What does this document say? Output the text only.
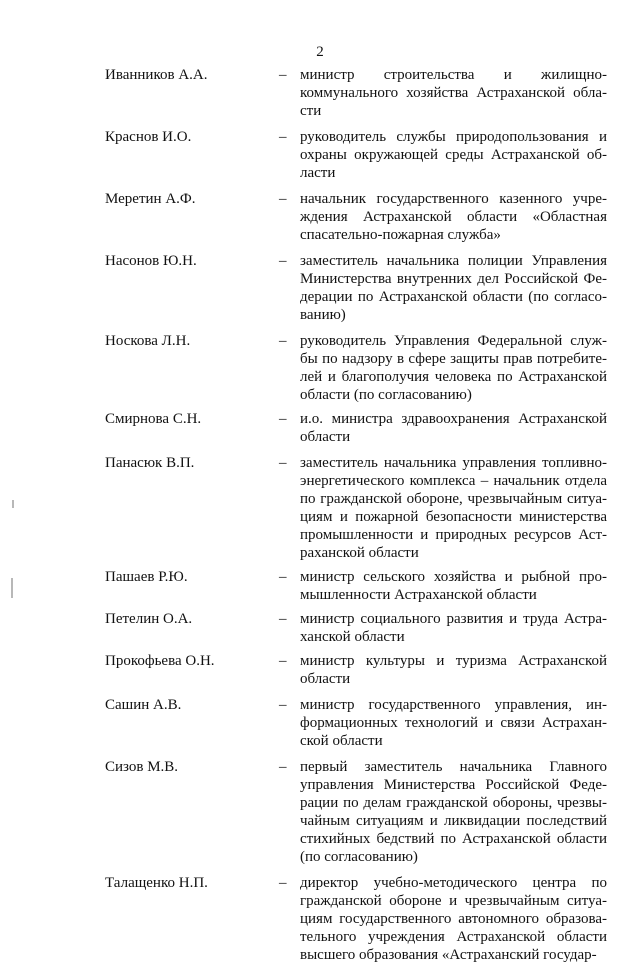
2
Иванников А.А.	– министр строительства и жилищно-
коммунального хозяйства Астраханской обла-
сти
Краснов И.О.	– руководитель службы природопользования и
охраны окружающей среды Астраханской об-
ласти
Меретин А.Ф.	– начальник государственного казенного учре-
ждения Астраханской области «Областная
спасательно-пожарная служба»
Насонов Ю.Н.	– заместитель начальника полиции Управления
Министерства внутренних дел Российской Фе-
дерации по Астраханской области (по согласо-
ванию)
Носкова Л.Н.	– руководитель Управления Федеральной служ-
бы по надзору в сфере защиты прав потребите-
лей и благополучия человека по Астраханской
области (по согласованию)
Смирнова С.Н.	– и.о. министра здравоохранения Астраханской
области
Панасюк В.П.	– заместитель начальника управления топливно-
энергетического комплекса – начальник отдела
по гражданской обороне, чрезвычайным ситуа-
циям и пожарной безопасности министерства
промышленности и природных ресурсов Аст-
раханской области
Пашаев Р.Ю.	– министр сельского хозяйства и рыбной про-
мышленности Астраханской области
Петелин О.А.	– министр социального развития и труда Астра-
ханской области
Прокофьева О.Н.	– министр культуры и туризма Астраханской
области
Сашин А.В.	– министр государственного управления, ин-
формационных технологий и связи Астрахан-
ской области
Сизов М.В.	– первый заместитель начальника Главного
управления Министерства Российской Феде-
рации по делам гражданской обороны, чрезвы-
чайным ситуациям и ликвидации последствий
стихийных бедствий по Астраханской области
(по согласованию)
Талащенко Н.П.	– директор учебно-методического центра по
гражданской обороне и чрезвычайным ситуа-
циям государственного автономного образова-
тельного учреждения Астраханской области
высшего образования «Астраханский государ-
